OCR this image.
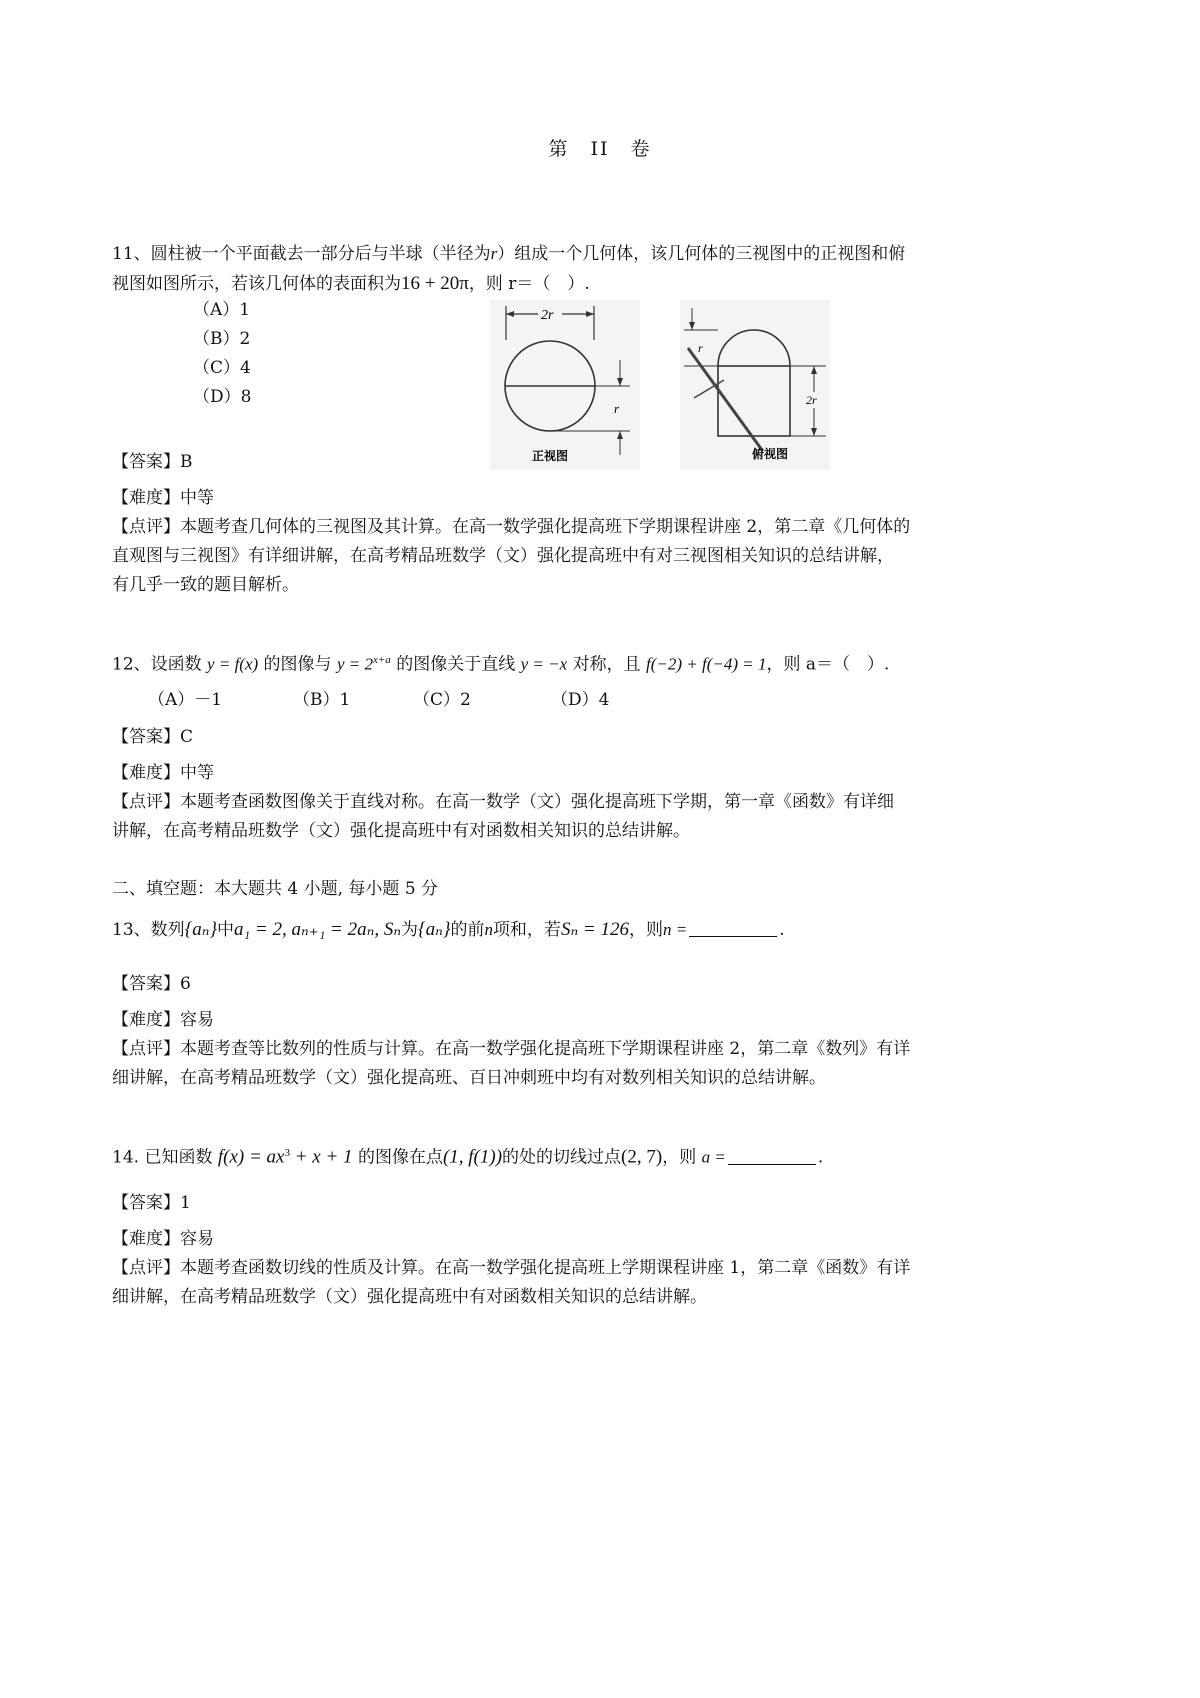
第　II　卷
11、圆柱被一个平面截去一部分后与半球（半径为r）组成一个几何体，该几何体的三视图中的正视图和俯
视图如图所示，若该几何体的表面积为16 + 20π，则 r＝（　）.
（A）1
（B）2
（C）4
（D）8
2r
r
正视图
r
2r
俯视图
【答案】B
【难度】中等
【点评】本题考查几何体的三视图及其计算。在高一数学强化提高班下学期课程讲座 2，第二章《几何体的
直观图与三视图》有详细讲解，在高考精品班数学（文）强化提高班中有对三视图相关知识的总结讲解，
有几乎一致的题目解析。
12、设函数 y = f(x) 的图像与 $y = 2^{x+a}$ 的图像关于直线 y = −x 对称，且 f(−2) + f(−4) = 1，则 a＝（　）.
（A）－1	（B）1	（C）2	（D）4
【答案】C
【难度】中等
【点评】本题考查函数图像关于直线对称。在高一数学（文）强化提高班下学期，第一章《函数》有详细
讲解，在高考精品班数学（文）强化提高班中有对函数相关知识的总结讲解。
二、填空题：本大题共 4 小题, 每小题 5 分
13、数列{aₙ}中a₁ = 2, aₙ₊₁ = 2aₙ, Sₙ为{aₙ}的前n项和，若Sₙ = 126，则n =	.
【答案】6
【难度】容易
【点评】本题考查等比数列的性质与计算。在高一数学强化提高班下学期课程讲座 2，第二章《数列》有详
细讲解，在高考精品班数学（文）强化提高班、百日冲刺班中均有对数列相关知识的总结讲解。
14. 已知函数 $f(x) = ax^3 + x + 1$ 的图像在点(1, f(1))的处的切线过点(2, 7)，则 a =	.
【答案】1
【难度】容易
【点评】本题考查函数切线的性质及计算。在高一数学强化提高班上学期课程讲座 1，第二章《函数》有详
细讲解，在高考精品班数学（文）强化提高班中有对函数相关知识的总结讲解。
